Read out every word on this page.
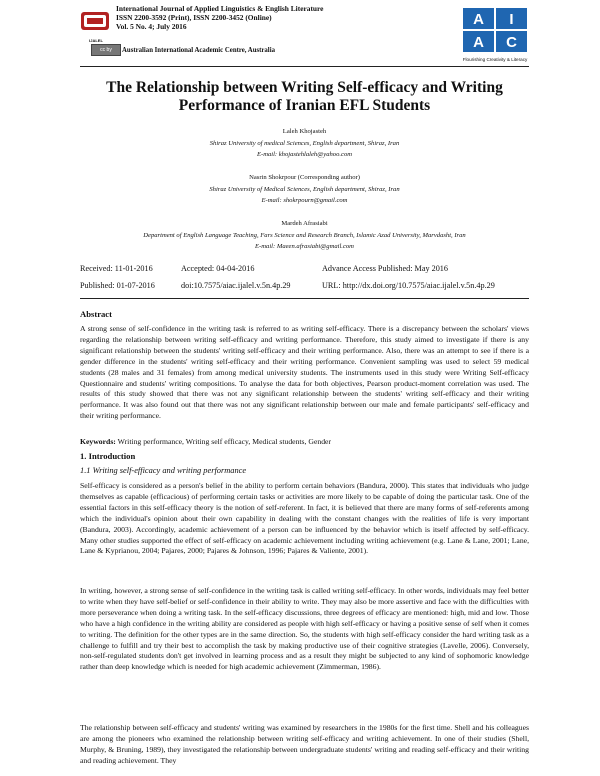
IJALEL
International Journal of Applied Linguistics & English Literature
ISSN 2200-3592 (Print), ISSN 2200-3452 (Online)
Vol. 5 No. 4; July 2016
cc by	Australian International Academic Centre, Australia
A I
A C
Flourishing Creativity & Literacy
The Relationship between Writing Self-efficacy and Writing Performance of Iranian EFL Students
Laleh Khojasteh
Shiraz University of medical Sciences, English department, Shiraz, Iran
E-mail: khojastehlaleh@yahoo.com
Nasrin Shokrpour (Corresponding author)
Shiraz University of Medical Sciences, English department, Shiraz, Iran
E-mail: shokrpourn@gmail.com
Mardeh Afrasiabi
Department of English Language Teaching, Fars Science and Research Branch, Islamic Azad University, Marvdasht, Iran
E-mail: Maeen.afrasiabi@gmail.com
Received: 11-01-2016	Accepted: 04-04-2016	Advance Access Published: May 2016
Published: 01-07-2016	doi:10.7575/aiac.ijalel.v.5n.4p.29	URL: http://dx.doi.org/10.7575/aiac.ijalel.v.5n.4p.29
Abstract
A strong sense of self-confidence in the writing task is referred to as writing self-efficacy. There is a discrepancy between the scholars' views regarding the relationship between writing self-efficacy and writing performance. Therefore, this study aimed to investigate if there is any significant relationship between the students' writing self-efficacy and their writing performance. Also, there was an attempt to see if there is a gender difference in the students' writing self-efficacy and their writing performance. Convenient sampling was used to select 59 medical students (28 males and 31 females) from among medical university students. The instruments used in this study were Writing Self-efficacy Questionnaire and students' writing compositions. To analyse the data for both objectives, Pearson product-moment correlation was used. The results of this study showed that there was not any significant relationship between the students' writing self-efficacy and their writing performance. It was also found out that there was not any significant relationship between our male and female participants' self-efficacy and their writing performance.
Keywords: Writing performance, Writing self efficacy, Medical students, Gender
1. Introduction
1.1 Writing self-efficacy and writing performance
Self-efficacy is considered as a person's belief in the ability to perform certain behaviors (Bandura, 2000). This states that individuals who judge themselves as capable (efficacious) of performing certain tasks or activities are more likely to be capable of doing the particular task. One of the essential factors in this self-efficacy theory is the notion of self-referent. In fact, it is believed that there are many forms of self-referents among which the individual's opinion about their own capability in dealing with the constant changes with the realities of life is very important (Bandura, 2003). Accordingly, academic achievement of a person can be influenced by the behavior which is itself affected by self-efficacy. Many other studies supported the effect of self-efficacy on academic achievement including writing achievement (e.g. Lane & Lane, 2001; Lane, Lane & Kyprianou, 2004; Pajares, 2000; Pajares & Johnson, 1996; Pajares & Valiente, 2001).
In writing, however, a strong sense of self-confidence in the writing task is called writing self-efficacy. In other words, individuals may feel better to write when they have self-belief or self-confidence in their ability to write. They may also be more assertive and face with the difficulties with more perseverance when doing a writing task. In the self-efficacy discussions, three degrees of efficacy are mentioned: high, mid and low. Those who have a high confidence in the writing ability are considered as people with high self-efficacy or having a positive sense of self when it comes to writing. The definition for the other types are in the same direction. So, the students with high self-efficacy consider the hard writing task as a challenge to fulfill and try their best to accomplish the task by making productive use of their cognitive strategies (Lavelle, 2006). Conversely, non-self-regulated students don't get involved in learning process and as a result they might be subjected to any kind of sophomoric knowledge rather than deep knowledge which is needed for high academic achievement (Zimmerman, 1986).
The relationship between self-efficacy and students' writing was examined by researchers in the 1980s for the first time. Shell and his colleagues are among the pioneers who examined the relationship between writing self-efficacy and writing achievement. In one of their studies (Shell, Murphy, & Bruning, 1989), they investigated the relationship between undergraduate students' writing and reading self-efficacy and their writing and reading achievement. They
